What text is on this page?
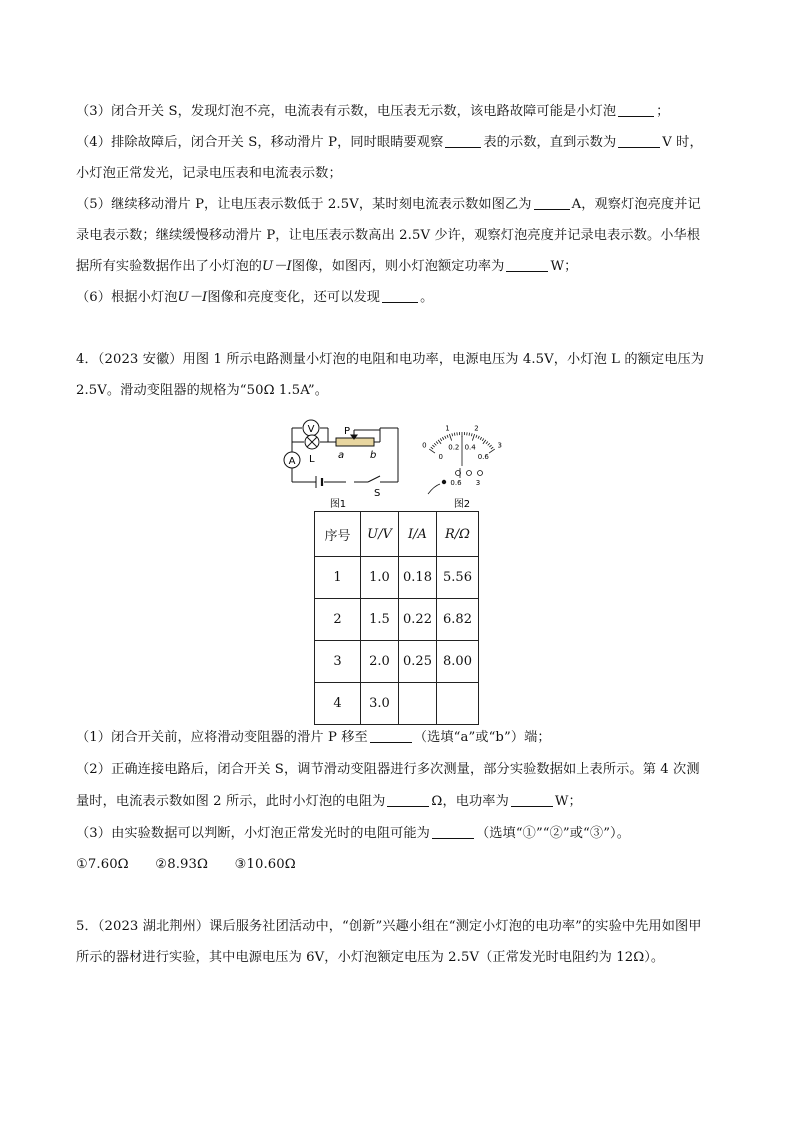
（3）闭合开关 S，发现灯泡不亮，电流表有示数，电压表无示数，该电路故障可能是小灯泡	；
（4）排除故障后，闭合开关 S，移动滑片 P，同时眼睛要观察	表的示数，直到示数为	V 时，
小灯泡正常发光，记录电压表和电流表示数；
（5）继续移动滑片 P，让电压表示数低于 2.5V，某时刻电流表示数如图乙为	A，观察灯泡亮度并记
录电表示数；继续缓慢移动滑片 P，让电压表示数高出 2.5V 少许，观察灯泡亮度并记录电表示数。小华根
据所有实验数据作出了小灯泡的U－I图像，如图丙，则小灯泡额定功率为	W；
（6）根据小灯泡U－I图像和亮度变化，还可以发现	。
4．（2023 安徽）用图 1 所示电路测量小灯泡的电阻和电功率，电源电压为 4.5V，小灯泡 L 的额定电压为
2.5V。滑动变阻器的规格为“50Ω 1.5A”。
V
A L
P
a	b
S
图1
0
1	2
3
0
0.2 0.4
0.6
0.6 3
图2
序号	U/V	I/A	R/Ω
1	1.0	0.18	5.56
2	1.5	0.22	6.82
3	2.0	0.25	8.00
4	3.0		
（1）闭合开关前，应将滑动变阻器的滑片 P 移至	（选填“a”或“b”）端；
（2）正确连接电路后，闭合开关 S，调节滑动变阻器进行多次测量，部分实验数据如上表所示。第 4 次测
量时，电流表示数如图 2 所示，此时小灯泡的电阻为	Ω，电功率为	W；
（3）由实验数据可以判断，小灯泡正常发光时的电阻可能为	（选填“①”“②”或“③”）。
①7.60Ω　　②8.93Ω　　③10.60Ω
5．（2023 湖北荆州）课后服务社团活动中，“创新”兴趣小组在“测定小灯泡的电功率”的实验中先用如图甲
所示的器材进行实验，其中电源电压为 6V，小灯泡额定电压为 2.5V（正常发光时电阻约为 12Ω）。
